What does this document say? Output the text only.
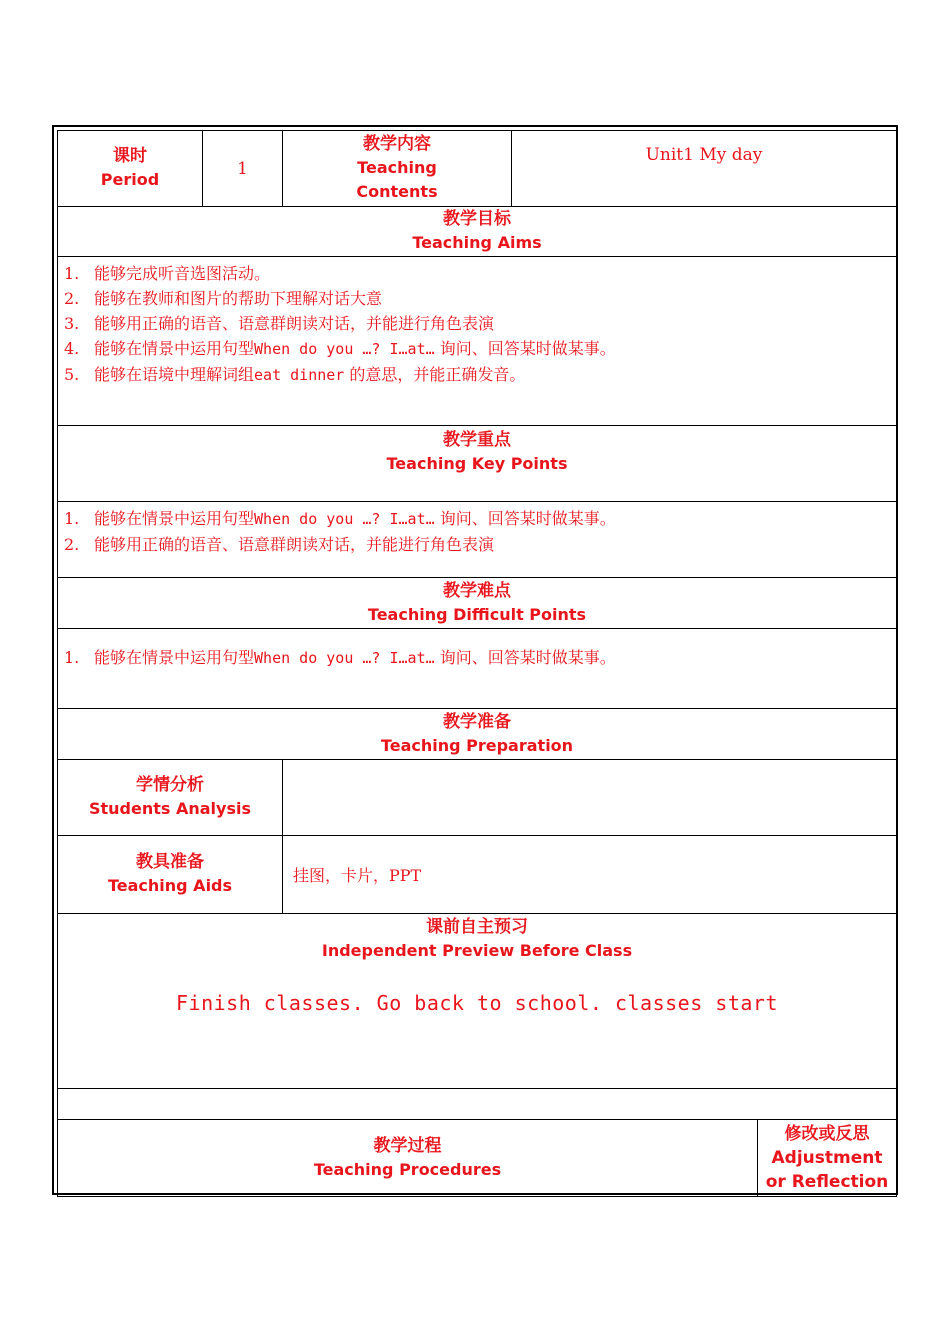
课时
Period
1
教学内容
Teaching
Contents
Unit1 My day
教学目标
Teaching Aims
1. 能够完成听音选图活动。
2. 能够在教师和图片的帮助下理解对话大意
3. 能够用正确的语音、语意群朗读对话，并能进行角色表演
4. 能够在情景中运用句型When do you …? I…at… 询问、回答某时做某事。
5. 能够在语境中理解词组eat dinner 的意思，并能正确发音。
教学重点
Teaching Key Points
1. 能够在情景中运用句型When do you …? I…at… 询问、回答某时做某事。
2. 能够用正确的语音、语意群朗读对话，并能进行角色表演
教学难点
Teaching Difficult Points
1. 能够在情景中运用句型When do you …? I…at… 询问、回答某时做某事。
教学准备
Teaching Preparation
学情分析
Students Analysis
教具准备
Teaching Aids
挂图，卡片，PPT
课前自主预习
Independent Preview Before Class
Finish classes. Go back to school. classes start
教学过程
Teaching Procedures
修改或反思
Adjustment
or Reflection
